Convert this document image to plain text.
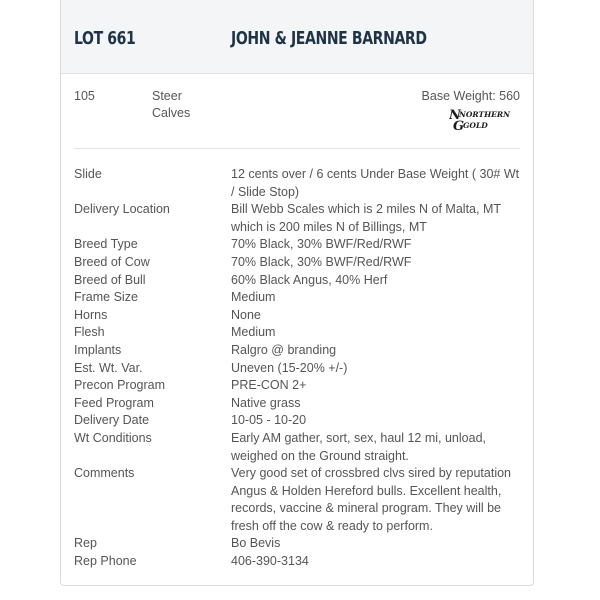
LOT 661	JOHN & JEANNE BARNARD
105	Steer
Calves
Base Weight: 560
N
NORTHERN
G
GOLD
Slide	12 cents over / 6 cents Under Base Weight ( 30# Wt / Slide Stop)
Delivery Location	Bill Webb Scales which is 2 miles N of Malta, MT which is 200 miles N of Billings, MT
Breed Type	70% Black, 30% BWF/Red/RWF
Breed of Cow	70% Black, 30% BWF/Red/RWF
Breed of Bull	60% Black Angus, 40% Herf
Frame Size	Medium
Horns	None
Flesh	Medium
Implants	Ralgro @ branding
Est. Wt. Var.	Uneven (15-20% +/-)
Precon Program	PRE-CON 2+
Feed Program	Native grass
Delivery Date	10-05 - 10-20
Wt Conditions	Early AM gather, sort, sex, haul 12 mi, unload, weighed on the Ground straight.
Comments	Very good set of crossbred clvs sired by reputation Angus & Holden Hereford bulls. Excellent health, records, vaccine & mineral program. They will be fresh off the cow & ready to perform.
Rep	Bo Bevis
Rep Phone	406-390-3134
